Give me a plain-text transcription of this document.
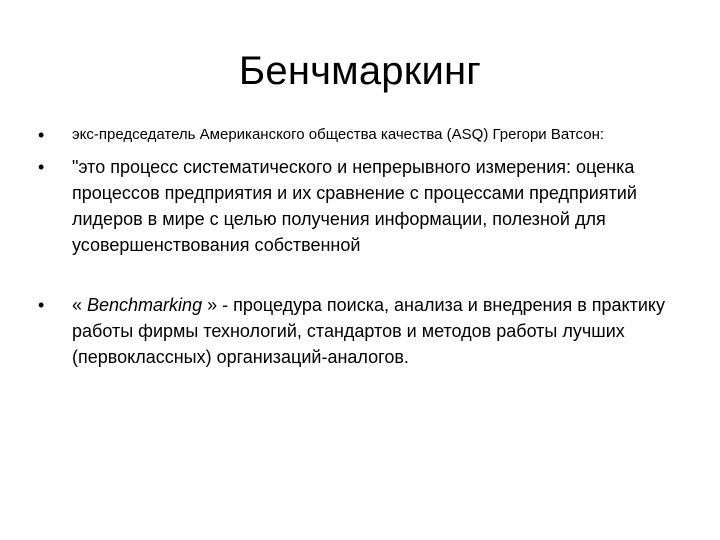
Бенчмаркинг
• экс-председатель Американского общества качества (ASQ) Грегори Ватсон:
• "это процесс систематического и непрерывного измерения: оценка процессов предприятия и их сравнение с процессами предприятий лидеров в мире с целью получения информации, полезной для усовершенствования собственной
• « Benchmarking » - процедура поиска, анализа и внедрения в практику работы фирмы технологий, стандартов и методов работы лучших (первоклассных) организаций-аналогов.
